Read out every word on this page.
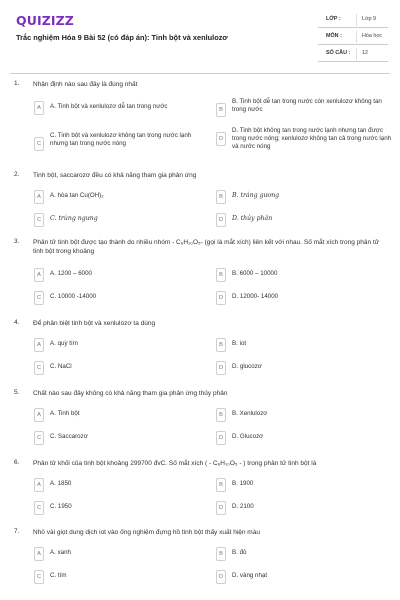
QUIZIZZ
Trắc nghiệm Hóa 9 Bài 52 (có đáp án): Tinh bột và xenlulozơ
LỚP :	Lớp 9
MÔN :	Hóa học
SỐ CÂU : 12
1. Nhận định nào sau đây là đúng nhất
A	A. Tinh bột và xenlulozơ dễ tan trong nước	B
B. Tinh bột dễ tan trong nước còn xenlulozơ không tan trong nước
C
C. Tinh bột và xenlulozơ không tan trong nước lạnh nhưng tan trong nước nóng
D
D. Tinh bột không tan trong nước lạnh nhưng tan được trong nước nóng; xenlulozơ không tan cả trong nước lạnh và nước nóng
2. Tinh bột, saccarozơ đều có khả năng tham gia phản ứng
A	A. hòa tan Cu(OH)₂	B	B. tráng gương
C	C. trùng ngưng	D	D. thủy phân
3. Phân tử tinh bột được tạo thành do nhiều nhóm - C₆H₁₀O₅- (gọi là mắt xích) liên kết với nhau. Số mắt xích trong phân tử tinh bột trong khoảng
A	A. 1200 – 6000	B	B. 6000 – 10000
C	C. 10000 -14000	D	D. 12000- 14000
4. Để phân biệt tinh bột và xenlulozơ ta dùng
A	A. quỳ tím	B	B. iot
C	C. NaCl	D	D. glucozơ
5. Chất nào sau đây không có khả năng tham gia phản ứng thủy phân
A	A. Tinh bột	B	B. Xenlulozơ
C	C. Saccarozơ	D	D. Glucozơ
6. Phân tử khối của tinh bột khoảng 299700 đvC. Số mắt xích ( - C₆H₁₀O₅ - ) trong phân tử tinh bột là
A	A. 1850	B	B. 1900
C	C. 1950	D	D. 2100
7. Nhỏ vài giọt dung dịch iot vào ống nghiệm đựng hồ tinh bột thấy xuất hiện màu
A	A. xanh	B	B. đỏ
C	C. tím	D	D. vàng nhạt
